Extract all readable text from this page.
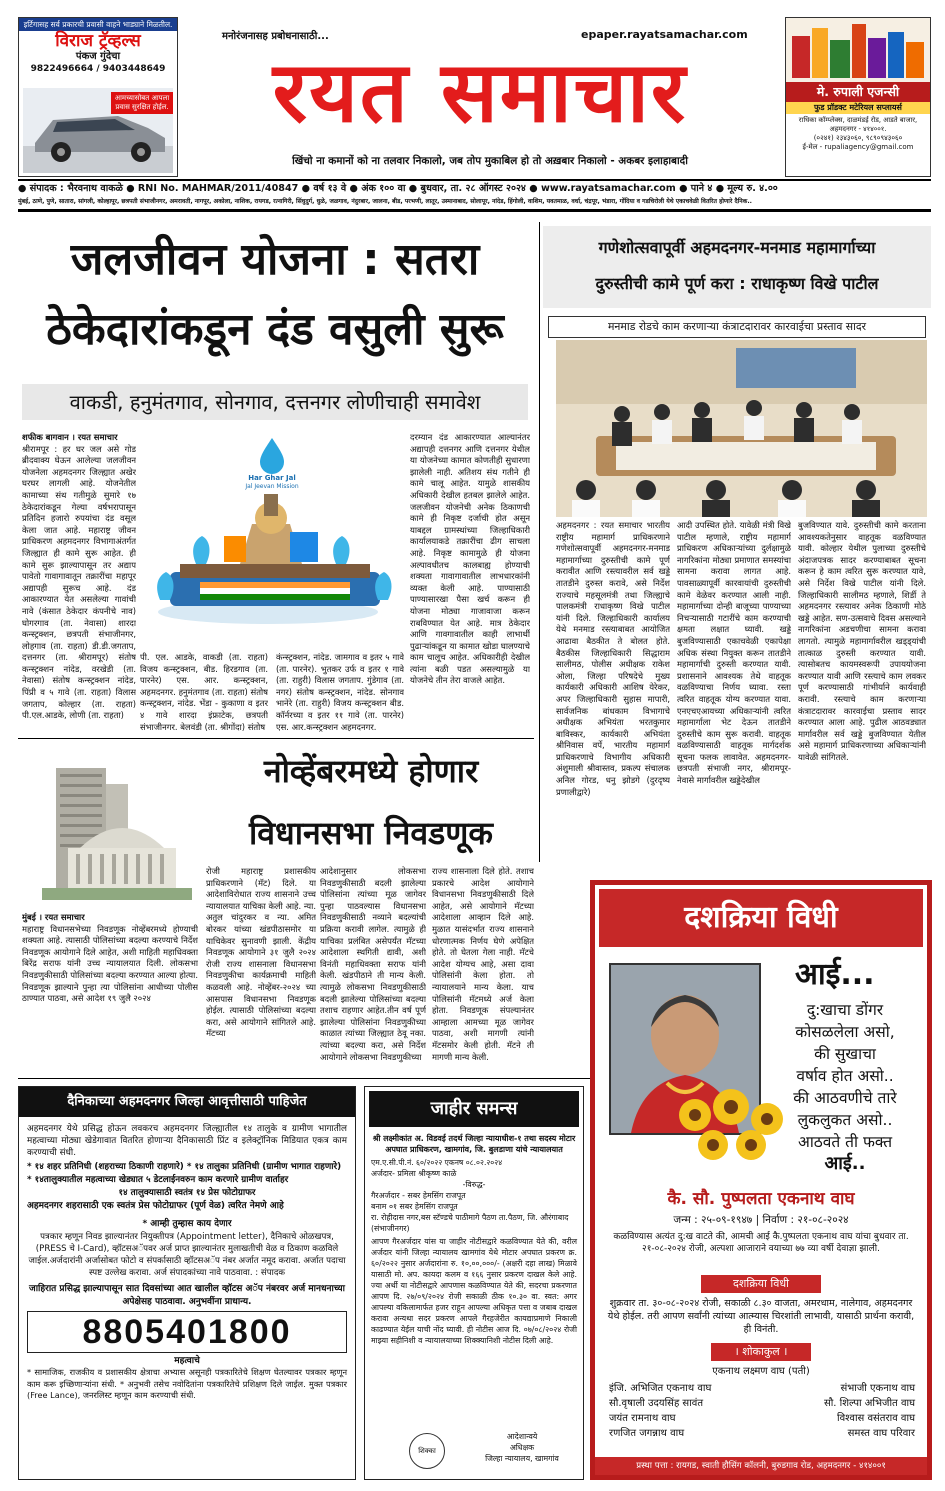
इर्टिगासह सर्व प्रकारची प्रवासी वाहने भाड्याने मिळतील.
विराज ट्रॅव्हल्स
पंकज गुंदेचा
9822496664 / 9403448649
आमच्यासोबत आपला प्रवास सुरक्षित होईल.
मनोरंजनासह प्रबोधनासाठी...	epaper.rayatsamachar.com
रयत समाचार
खिंचो ना कमानों को ना तलवार निकालो, जब तोप मुकाबिल हो तो अख़बार निकालो - अकबर इलाहाबादी
मे. रुपाली एजन्सी
फुड प्रॉडक्ट मटेरियल सप्लायर्स
राधिका कॉम्प्लेक्स, दाळमंडई रोड, आडते बाजार, अहमदनगर - ४१४००१.
(०२४१) २३४३०६०, ९८९०९४३०६०
ई-मेल - rupaliagency@gmail.com
● संपादक : भैरवनाथ वाकळे ● RNI No. MAHMAR/2011/40847 ● वर्ष १३ वे ● अंक १०० वा ● बुधवार, ता. २८ ऑगस्ट २०२४ ● www.rayatsamachar.com ● पाने ४ ● मूल्य रु. ४.००
मुंबई, ठाणे, पुणे, सातारा, सांगली, कोल्हापूर, छत्रपती संभाजीनगर, अमरावती, नागपूर, अकोला, नाशिक, रायगड, रत्नागिरी, सिंधुदुर्ग, धुळे, जळगाव, नंदुरबार, जालना, बीड, परभणी, लातूर, उस्मानाबाद, सोलापूर, नांदेड, हिंगोली, वाशिम, यवतमाळ, वर्धा, चंद्रपूर, भंडारा, गोंदिया व गडचिरोली येथे एकाचवेळी वितरित होणारे दैनिक..
जलजीवन योजना : सतरा
ठेकेदारांकडून दंड वसुली सुरू
वाकडी, हनुमंतगाव, सोनगाव, दत्तनगर लोणीचाही समावेश
शफीक बागवान । रयत समाचार
श्रीरामपूर : हर घर जल असे गोड ब्रीदवाक्य घेऊन आलेल्या जलजीवन योजनेला अहमदनगर जिल्ह्यात अखेर घरघर लागली आहे. योजनेतील कामाच्या संथ गतीमुळे सुमारे १७ ठेकेदारांकडून गेल्या वर्षभरापासून प्रतिदिन हजारो रुपयांचा दंड वसूल केला जात आहे. महाराष्ट्र जीवन प्राधिकरण अहमदनगर विभागाअंतर्गत जिल्ह्यात ही कामे सुरू आहेत. ही कामे सुरू झाल्यापासून तर अद्याप पावेतो गावागावातून तक्रारींचा महापूर अद्यापही सुरूच आहे. दंड आकारण्यात येत असलेल्या गावांची नावे (कंसात ठेकेदार कंपनीचे नाव) घोगरगाव (ता. नेवासा) शारदा कन्स्ट्रक्शन, छत्रपती संभाजीनगर, लोहगाव (ता. राहता) डी.डी.जगताप, दत्तनगर (ता. श्रीरामपूर) संतोष कन्स्ट्रक्शन नांदेड, वरखेडी (ता. नेवासा) संतोष कन्स्ट्रक्शन नांदेड, पिंप्री व ५ गावे (ता. राहता) विलास जगताप, कोल्हार (ता. राहता) पी.एल.आडके, लोणी (ता. राहता)
Har Ghar Jal
Jal Jeevan Mission
पी. एल. आडके, वाकडी (ता. राहता) विजय कन्स्ट्रक्शन, बीड. हिरडगाव (ता. पारनेर) एस. आर. कन्स्ट्रक्शन, अहमदनगर. हनुमंतगाव (ता. राहता) संतोष कन्स्ट्रक्शन, नांदेड. भेंडा - कुकाणा व इतर ४ गावे शारदा इंफ्राटेक, छत्रपती संभाजीनगर. बेलवंडी (ता. श्रीगोंदा) संतोष
कंन्स्ट्रक्शन, नांदेड. जामगाव व इतर ५ गावे (ता. पारनेर). भुतकर उर्फ व इतर १ गावे (ता. राहुरी) विलास जगताप. गुंडेगाव (ता. नगर) संतोष कन्स्ट्रक्शन, नांदेड. सोनगाव भानेरे (ता. राहुरी) विजय कन्स्ट्रक्शन बीड. कॉर्नरच्या व इतर ११ गावे (ता. पारनेर) एस. आर.कन्स्ट्रक्शन अहमदनगर.
दरम्यान दंड आकारण्यात आल्यानंतर अद्यापही दत्तनगर आणि दत्तनगर येथील या योजनेच्या कामात कोणतीही सुधारणा झालेली नाही. अतिशय संथ गतीने ही कामे चालू आहेत. यामुळे शासकीय अधिकारी देखील हतबल झालेले आहेत. जलजीवन योजनेची अनेक ठिकाणची कामे ही निकृष्ट दर्जाची होत असून याबद्दल ग्रामस्थांच्या जिल्हाधिकारी कार्यालयाकडे तक्रारींचा ढीग साचला आहे. निकृष्ट कामामुळे ही योजना अल्पावधीतच कालबाह्य होण्याची शक्यता गावागावातील लाभधारकांनी व्यक्त केली आहे. पाण्यासाठी पाण्यासारखा पैसा खर्च करून ही योजना मोठ्या गाजावाजा करून राबविण्यात येत आहे. मात्र ठेकेदार आणि गावगावातील काही लाभार्थी पुढाऱ्यांकडून या कामात खोडा घालण्याचे काम चालूच आहेत. अधिकारीही देखील त्यांना बळी पडत असल्यामुळे या योजनेचे तीन तेरा वाजले आहेत.
गणेशोत्सवापूर्वी अहमदनगर-मनमाड महामार्गाच्या
दुरुस्तीची कामे पूर्ण करा : राधाकृष्ण विखे पाटील
मनमाड रोडचे काम करणाऱ्या कंत्राटदारावर कारवाईचा प्रस्ताव सादर
अहमदनगर : रयत समाचार भारतीय राष्ट्रीय महामार्ग प्राधिकरणाने गणेशोत्सवापूर्वी अहमदनगर-मनमाड महामार्गाच्या दुरुस्तीची कामे पूर्ण करावीत आणि रस्त्यावरील सर्व खड्डे तातडीने दुरुस्त करावे, असे निर्देश राज्याचे महसूलमंत्री तथा जिल्ह्याचे पालकमंत्री राधाकृष्ण विखे पाटील यांनी दिले. जिल्हाधिकारी कार्यालय येथे मनमाड रस्त्याबाबत आयोजित आढावा बैठकीत ते बोलत होते. बैठकीस जिल्हाधिकारी सिद्धाराम सालीमठ, पोलीस अधीक्षक राकेश ओला, जिल्हा परिषदेचे मुख्य कार्यकारी अधिकारी आशिष येरेकर, अपर जिल्हाधिकारी सुहास मापारी, सार्वजनिक बांधकाम विभागाचे अधीक्षक अभियंता भरतकुमार बाविस्कर, कार्यकारी अभियंता श्रीनिवास वर्पे, भारतीय महामार्ग प्राधिकरणाचे विभागीय अधिकारी अंशुमाली श्रीवास्तव, प्रकल्प संचालक अनिल गोरड, धनु झोडगे (दुरदृष्य प्रणालीद्वारे)
आदी उपस्थित होते. यावेळी मंत्री विखे पाटील म्हणाले, राष्ट्रीय महामार्ग प्राधिकरण अधिकाऱ्यांच्या दुर्लक्षामुळे नागरिकांना मोठ्या प्रमाणात समस्यांचा सामना करावा लागत आहे. पावसाळ्यापूर्वी कारवायांची दुरुस्तीची कामे वेळेवर करण्यात आली नाही. महामार्गाच्या दोन्ही बाजूच्या पाण्याच्या निचऱ्यासाठी गटारींचे काम करण्याची क्षमता लक्षात घ्यावी. खड्डे बुजविण्यासाठी एकाचवेळी एकापेक्षा अधिक संस्था नियुक्त करून तातडीने महामार्गाची दुरुस्ती करण्यात यावी. प्रशासनाने आवश्यक तेथे वाहतूक वळविण्याचा निर्णय घ्यावा. रस्ता त्वरित वाहतूक योग्य करण्यात यावा. एनएचएआयच्या अधिकाऱ्यांनी त्वरित महामार्गाला भेट देऊन तातडीने दुरुस्तीचे काम सुरू करावी. वाहतूक वळविण्यासाठी वाहतूक मार्गदर्शक सूचना फलक लावावेत. अहमदनगर-छत्रपती संभाजी नगर, श्रीरामपूर-नेवासे मार्गावरील खड्डेदेखील
बुजविण्यात यावे. दुरुस्तीची कामे करताना आवश्यकतेनुसार वाहतूक वळविण्यात यावी. कोल्हार येथील पुलाच्या दुरुस्तीचे अंदाजपत्रक सादर करण्याबाबत सूचना करून हे काम त्वरित सुरू करण्यात यावे, असे निर्देश विखे पाटील यांनी दिले. जिल्हाधिकारी सालीमठ म्हणाले, शिर्डी ते अहमदनगर रस्त्यावर अनेक ठिकाणी मोठे खड्डे आहेत. सण-उत्सवाचे दिवस असल्याने नागरिकांना अडचणीचा सामना करावा लागतो. त्यामुळे महामार्गावरील खड्ड्यांची तात्काळ दुरुस्ती करण्यात यावी. त्यासोबतच कायमस्वरूपी उपाययोजना करण्यात यावी आणि रस्त्याचे काम लवकर पूर्ण करण्यासाठी गांभीर्याने कार्यवाही करावी. रस्त्याचे काम करणाऱ्या कंत्राटदारावर कारवाईचा प्रस्ताव सादर करण्यात आला आहे. पुढील आठवड्यात मार्गावरील सर्व खड्डे बुजविण्यात येतील असे महामार्ग प्राधिकरणाच्या अधिकाऱ्यांनी यावेळी सांगितले.
नोव्हेंबरमध्ये होणार
विधानसभा निवडणूक
मुंबई । रयत समाचार
महाराष्ट्र विधानसभेच्या निवडणूक नोव्हेंबरमध्ये होण्याची शक्यता आहे. त्यासाठी पोलिसांच्या बदल्या करण्याचे निर्देश निवडणूक आयोगाने दिले आहेत, अशी माहिती महाधिवक्ता बिरेंद्र सराफ यांनी उच्च न्यायालयात दिली. लोकसभा निवडणुकीसाठी पोलिसांच्या बदल्या करण्यात आल्या होत्या. निवडणूक झाल्याने पुन्हा त्या पोलिसांना आधीच्या पोलीस ठाण्यात पाठवा, असे आदेश १९ जुलै २०२४
रोजी महाराष्ट्र प्रशासकीय प्राधिकरणाने (मॅट) दिले. या आदेशाविरोधात राज्य शासनाने उच्च न्यायालयात याचिका केली आहे. न्या. अतुल चांदुरकर व न्या. अमित बोरकर यांच्या खंडपीठासमोर या याचिकेवर सुनावणी झाली. केंद्रीय निवडणूक आयोगाने ३१ जुलै २०२४ रोजी राज्य शासनाला विधानसभा निवडणुकीचा कार्यक्रमाची माहिती कळवली आहे. नोव्हेंबर-२०२४ च्या आसपास विधानसभा निवडणूक होईल. त्यासाठी पोलिसांच्या बदल्या करा, असे आयोगाने सांगितले आहे. मॅटच्या
आदेशानुसार लोकसभा निवडणुकीसाठी बदली झालेल्या पोलिसांना त्यांच्या मूळ जागेवर पुन्हा पाठवल्यास विधानसभा निवडणुकीसाठी नव्याने बदल्यांची प्रक्रिया करावी लागेल. त्यामुळे ही याचिका प्रलंबित असेपर्यंत मॅटच्या आदेशाला स्थगिती द्यावी, अशी विनंती महाधिवक्ता सराफ यांनी केली. खंडपीठाने ती मान्य केली. त्यामुळे लोकसभा निवडणुकीसाठी बदली झालेल्या पोलिसांच्या बदल्या तशाच राहणार आहेत.तीन वर्ष पूर्ण झालेल्या पोलिसांना निवडणुकीच्या काळात त्यांच्या जिल्ह्यात ठेवू नका. त्यांच्या बदल्या करा, असे निर्देश आयोगाने लोकसभा निवडणुकीच्या
राज्य शासनाला दिले होते. तशाच प्रकारचे आदेश आयोगाने विधानसभा निवडणुकीसाठी दिले आहेत, असे आयोगाने मॅटच्या आदेशाला आव्हान दिले आहे. मुळात यासंदर्भात राज्य शासनाने धोरणात्मक निर्णय घेणे अपेक्षित होते. तो घेतला गेला नाही. मॅटचे आदेश योग्यच आहे, असा दावा पोलिसांनी केला होता. तो न्यायालयाने मान्य केला. याच पोलिसांनी मॅटमध्ये अर्ज केला होता. निवडणूक संपल्यानंतर आम्हाला आमच्या मूळ जागेवर पाठवा, अशी मागणी त्यांनी मॅटसमोर केली होती. मॅटने ती मागणी मान्य केली.
दशक्रिया विधी
आई...
दु:खाचा डोंगर
कोसळलेला असो,
की सुखाचा
वर्षाव होत असो..
की आठवणीचे तारे
लुकलुकत असो..
आठवते ती फक्त
आई..
कै. सौ. पुष्पलता एकनाथ वाघ
जन्म : २५-०९-१९४७ | निर्वाण : २१-०८-२०२४
कळविण्यास अत्यंत दु:ख वाटते की, आमची आई कै.पुष्पलता एकनाथ वाघ यांचा बुधवार ता. २१-०८-२०२४ रोजी, अल्पशा आजाराने वयाच्या ७७ व्या वर्षी देवाज्ञा झाली.
दशक्रिया विधी
शुक्रवार ता. ३०-०८-२०२४ रोजी, सकाळी ८.३० वाजता, अमरधाम, नालेगाव, अहमदनगर येथे होईल. तरी आपण सर्वांनी त्यांच्या आत्म्यास चिरशांती लाभावी, यासाठी प्रार्थना करावी, ही विनंती.
। शोकाकुल ।
एकनाथ लक्ष्मण वाघ (पती)
इंजि. अभिजित एकनाथ वाघ	संभाजी एकनाथ वाघ
सौ.वृषाली उदयसिंह सावंत	सौ. शिल्पा अभिजीत वाघ
जयंत रामनाथ वाघ	विश्वास वसंतराव वाघ
रणजित जगन्नाथ वाघ	समस्त वाघ परिवार
प्रस्था पत्ता : रायगड, स्वाती हौसिंग कॉलनी, बुरुडगाव रोड, अहमदनगर - ४१४००१
दैनिकाच्या अहमदनगर जिल्हा आवृत्तीसाठी पाहिजेत
अहमदनगर येथे प्रसिद्ध होऊन लवकरच अहमदनगर जिल्ह्यातील १४ तालुके व ग्रामीण भागातील महत्वाच्या मोठ्या खेडेगावात वितरित होणाऱ्या दैनिकासाठी प्रिंट व इलेक्ट्रॉनिक मिडियात एकत्र काम करण्याची संधी.
* १४ शहर प्रतिनिधी (शहराच्या ठिकाणी राहणारे) * १४ तालुका प्रतिनिधी (ग्रामीण भागात राहणारे)
* १४तालुक्यातील महत्वाच्या खेड्यात ५ डेटलाईनवरुन काम करणारे ग्रामीण वार्ताहर
१४ तालुक्यासाठी स्वतंत्र १४ प्रेस फोटोग्राफर
अहमदनगर शहरासाठी एक स्वतंत्र प्रेस फोटोग्राफर (पूर्ण वेळ) त्वरित नेमणे आहे
* आम्ही तुम्हास काय देणार
पत्रकार म्हणून निवड झाल्यानंतर नियुक्तीपत्र (Appointment letter), दैनिकाचे ओळखपत्र, (PRESS चे I-Card), व्हॉटसअॅपवर अर्ज प्राप्त झाल्यानंतर मुलाखतीची वेळ व ठिकाण कळविले जाईल.अर्जदारांनी अर्जासोबत फोटो व संपर्कासाठी व्हॉटसअॅप नंबर अर्जात नमूद करावा. अर्जात पदाचा स्पष्ट उल्लेख करावा. अर्ज संपादकांच्या नावे पाठवावा. : संपादक
जाहिरात प्रसिद्ध झाल्यापासून सात दिवसांच्या आत खालील व्हॉटस अॅप नंबरवर अर्ज मानधनाच्या अपेक्षेसह पाठवावा. अनुभवींना प्राधान्य.
8805401800
महत्वाचे
* सामाजिक, राजकीय व प्रशासकीय क्षेत्राचा अभ्यास असूनही पत्रकारितेचे शिक्षण घेतल्यावर पत्रकार म्हणून काम करू इच्छिणाऱ्यांना संधी. * अनुभवी तसेच नवोदितांना पत्रकारितेचे प्रशिक्षण दिले जाईल. मुक्त पत्रकार (Free Lance), जनरलिस्ट म्हणून काम करण्याची संधी.
जाहीर समन्स
श्री लक्ष्मीकांत अ. विडवई तदर्थ जिल्हा न्यायाधीश-१ तथा सदस्य मोटार अपघात प्राधिकरण, खामगांव, जि. बुलडाणा यांचे न्यायालयात
एम.ए.सी.पी.नं. ६०/२०२२ एकनष ०८.०२.२०२४
अर्जदार- प्रमिला श्रीकृष्ण काळे
-विरुद्ध-
गैरअर्जदार - सबर हेमसिंग राजपूत
बनाम ०१ सबर हेमसिंग राजपूत
रा. रोहीदास नगर,बस स्टॅण्डचे पाठीमागे पैठण ता.पैठण, जि. औरंगाबाद (संभाजीनगर)
आपण गैरअर्जदार यांस या जाहीर नोटीसद्वारे कळविण्यात येते की, वरील अर्जदार यांनी जिल्हा न्यायालय खामगांव येथे मोटार अपघात प्रकरण क्र. ६०/२०२२ नुसार अर्जदारांना रु. १०,००,०००/- (अक्षरी दहा लाख) मिळावे यासाठी मो. अप. कायदा कलम व १६६ नुसार प्रकरण दाखल केले आहे. ज्या अर्थी या नोटीसद्वारे आपणास कळविण्यात येते की, सदरचा प्रकरणात आपण दि. २७/०९/२०२४ रोजी सकाळी ठीक १०.३० वा. स्वत: अगर आपल्या वकिलामार्फत हजर राहून आपल्या अधिकृत पत्ता व जबाब दाखल करावा अन्यथा सदर प्रकरण आपले गैरहजेरीत कायद्याप्रमाणे निकाली काढण्यात येईल याची नोंद घ्यावी. ही नोटीस आज दि. ०७/०८/२०२४ रोजी माझ्या सहीनिशी व न्यायालयाच्या शिक्क्यानिशी नोटीस दिली आहे.
शिक्का
आदेशान्वये
अधिक्षक
जिल्हा न्यायालय, खामगांव
